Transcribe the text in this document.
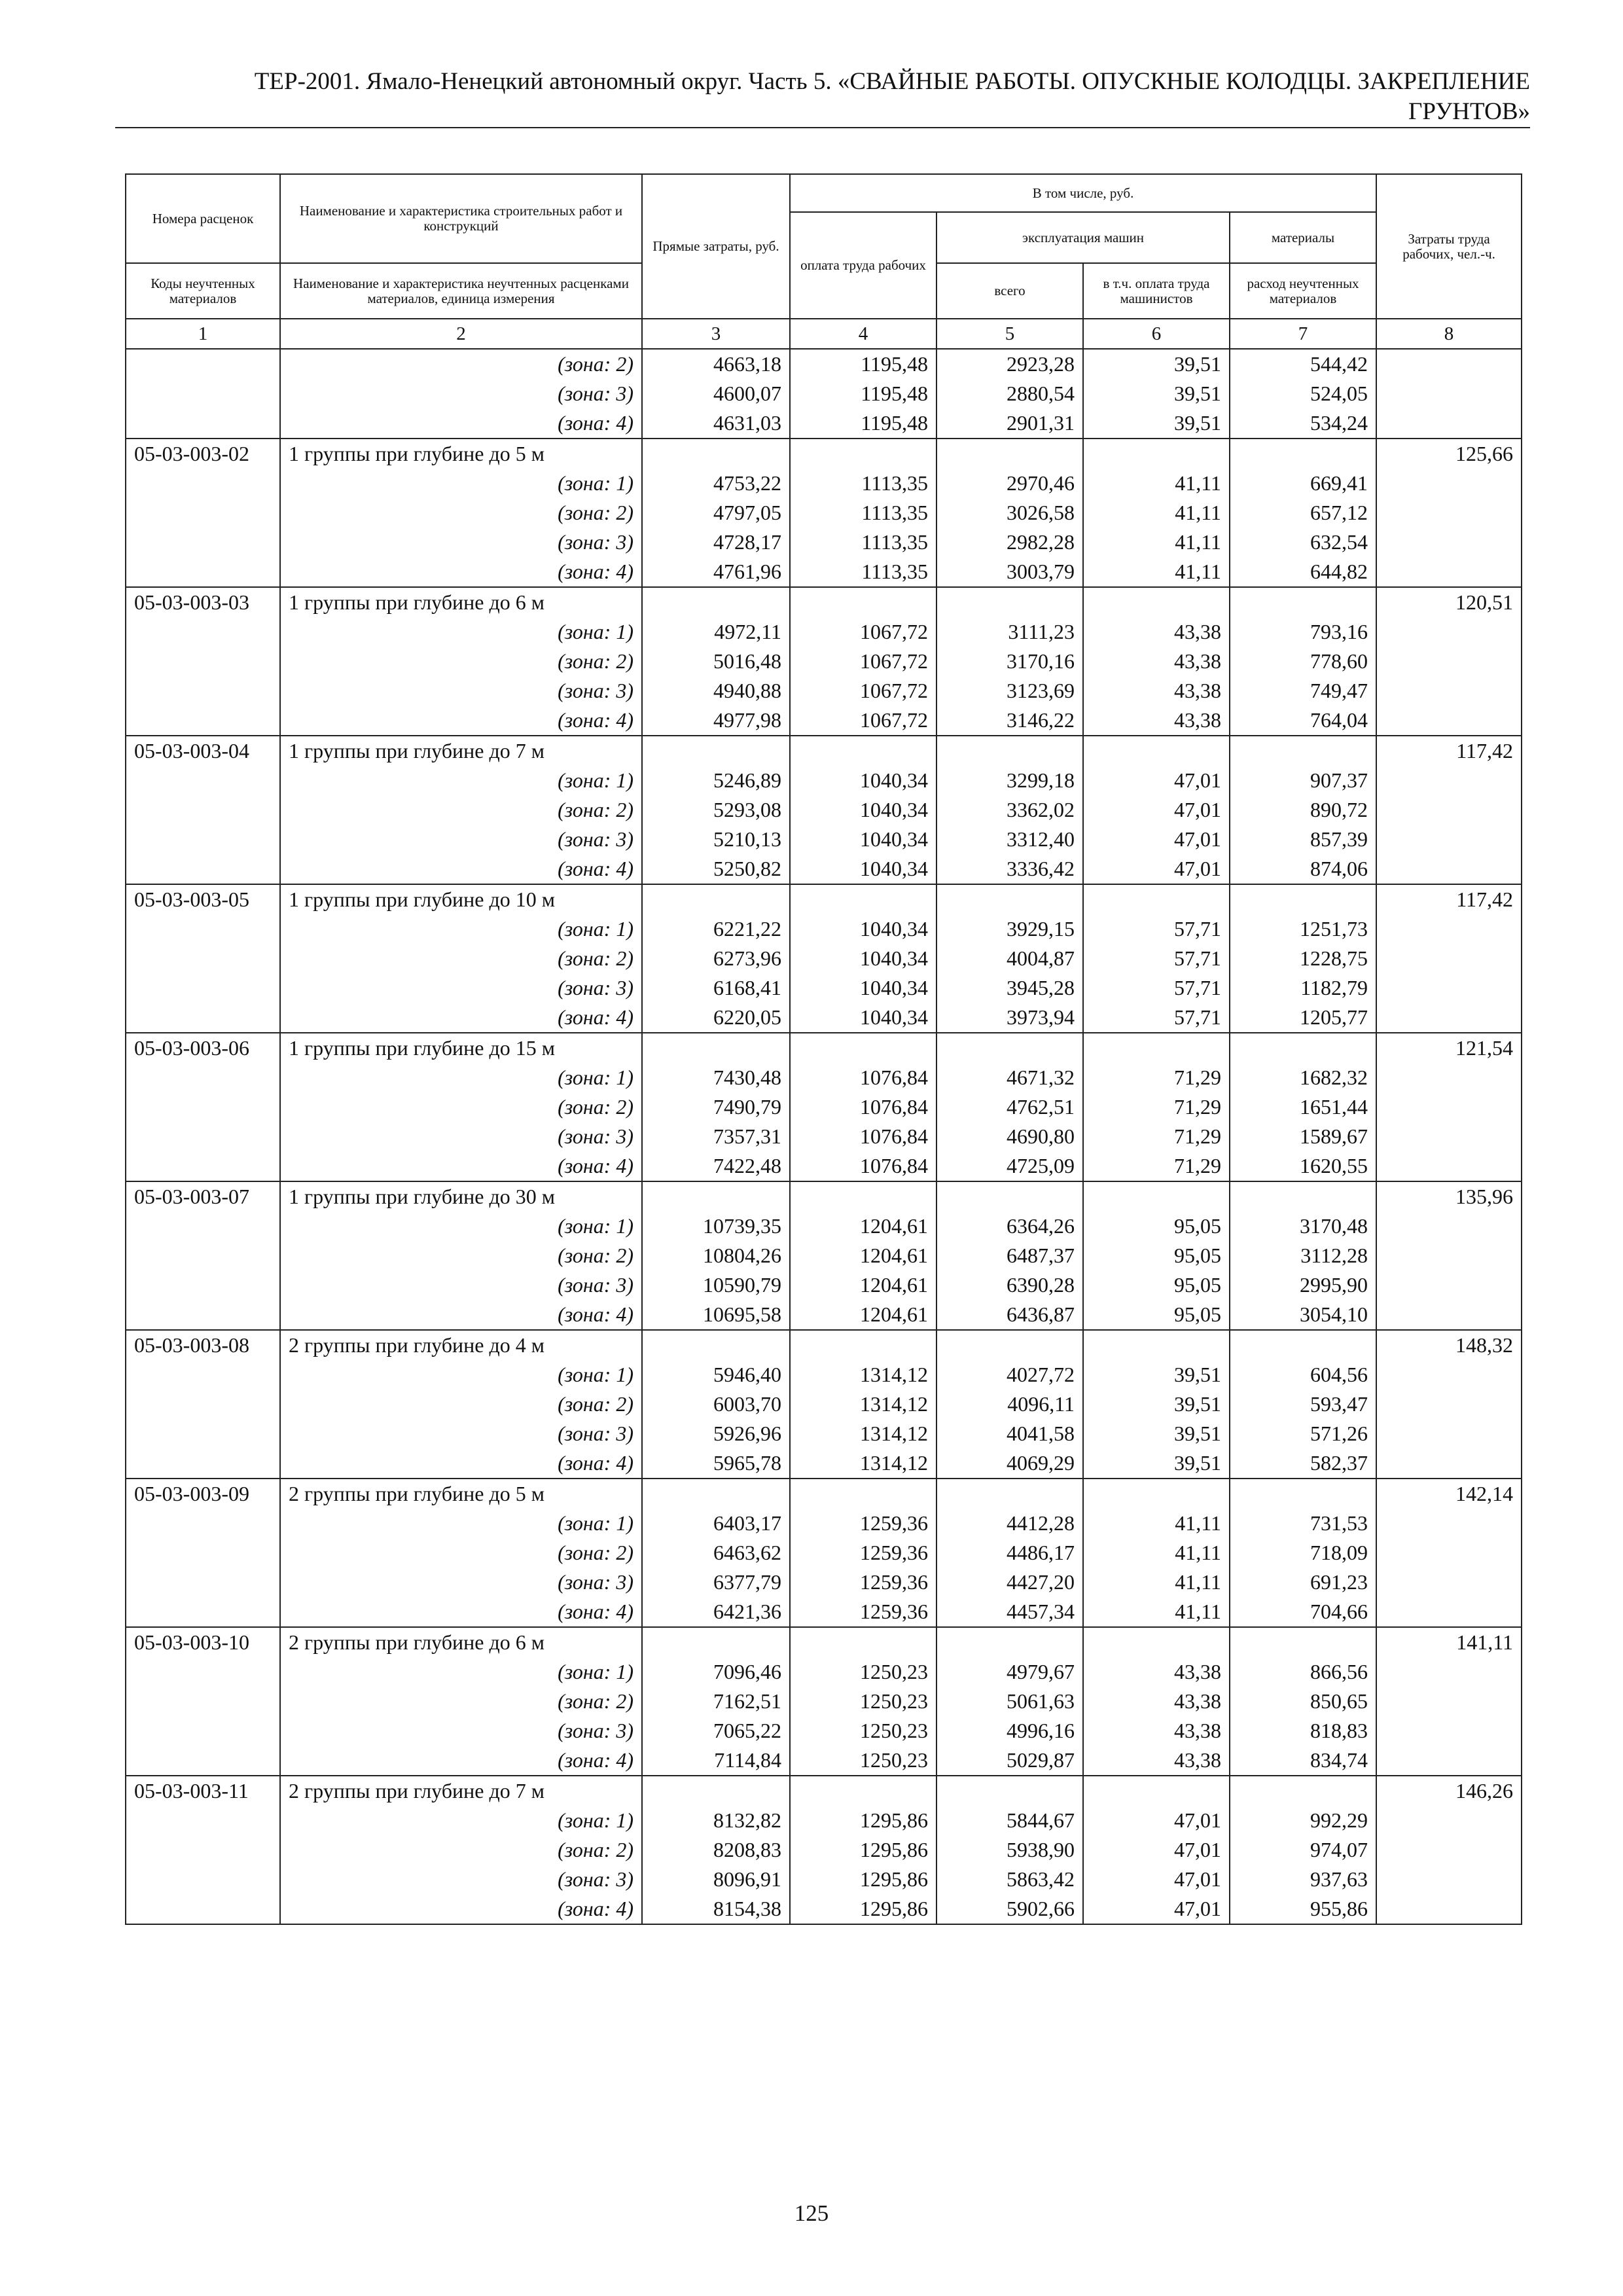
ТЕР-2001. Ямало-Ненецкий автономный округ. Часть 5. «СВАЙНЫЕ РАБОТЫ. ОПУСКНЫЕ КОЛОДЦЫ. ЗАКРЕПЛЕНИЕ
ГРУНТОВ»
Номера расценок	Наименование и характеристика строительных работ и конструкций	Прямые затраты, руб.	В том числе, руб.				Затраты труда рабочих, чел.-ч.
			оплата труда рабочих	эксплуатация машин		материалы	
Коды неучтенных материалов	Наименование и характеристика неучтенных расценками материалов, единица измерения			всего	в т.ч. оплата труда машинистов	расход неучтенных материалов	
1	2	3	4	5	6	7	8
	(зона: 2)	4663,18	1195,48	2923,28	39,51	544,42	
	(зона: 3)	4600,07	1195,48	2880,54	39,51	524,05	
	(зона: 4)	4631,03	1195,48	2901,31	39,51	534,24	
05-03-003-02	1 группы при глубине до 5 м						125,66
	(зона: 1)	4753,22	1113,35	2970,46	41,11	669,41	
	(зона: 2)	4797,05	1113,35	3026,58	41,11	657,12	
	(зона: 3)	4728,17	1113,35	2982,28	41,11	632,54	
	(зона: 4)	4761,96	1113,35	3003,79	41,11	644,82	
05-03-003-03	1 группы при глубине до 6 м						120,51
	(зона: 1)	4972,11	1067,72	3111,23	43,38	793,16	
	(зона: 2)	5016,48	1067,72	3170,16	43,38	778,60	
	(зона: 3)	4940,88	1067,72	3123,69	43,38	749,47	
	(зона: 4)	4977,98	1067,72	3146,22	43,38	764,04	
05-03-003-04	1 группы при глубине до 7 м						117,42
	(зона: 1)	5246,89	1040,34	3299,18	47,01	907,37	
	(зона: 2)	5293,08	1040,34	3362,02	47,01	890,72	
	(зона: 3)	5210,13	1040,34	3312,40	47,01	857,39	
	(зона: 4)	5250,82	1040,34	3336,42	47,01	874,06	
05-03-003-05	1 группы при глубине до 10 м						117,42
	(зона: 1)	6221,22	1040,34	3929,15	57,71	1251,73	
	(зона: 2)	6273,96	1040,34	4004,87	57,71	1228,75	
	(зона: 3)	6168,41	1040,34	3945,28	57,71	1182,79	
	(зона: 4)	6220,05	1040,34	3973,94	57,71	1205,77	
05-03-003-06	1 группы при глубине до 15 м						121,54
	(зона: 1)	7430,48	1076,84	4671,32	71,29	1682,32	
	(зона: 2)	7490,79	1076,84	4762,51	71,29	1651,44	
	(зона: 3)	7357,31	1076,84	4690,80	71,29	1589,67	
	(зона: 4)	7422,48	1076,84	4725,09	71,29	1620,55	
05-03-003-07	1 группы при глубине до 30 м						135,96
	(зона: 1)	10739,35	1204,61	6364,26	95,05	3170,48	
	(зона: 2)	10804,26	1204,61	6487,37	95,05	3112,28	
	(зона: 3)	10590,79	1204,61	6390,28	95,05	2995,90	
	(зона: 4)	10695,58	1204,61	6436,87	95,05	3054,10	
05-03-003-08	2 группы при глубине до 4 м						148,32
	(зона: 1)	5946,40	1314,12	4027,72	39,51	604,56	
	(зона: 2)	6003,70	1314,12	4096,11	39,51	593,47	
	(зона: 3)	5926,96	1314,12	4041,58	39,51	571,26	
	(зона: 4)	5965,78	1314,12	4069,29	39,51	582,37	
05-03-003-09	2 группы при глубине до 5 м						142,14
	(зона: 1)	6403,17	1259,36	4412,28	41,11	731,53	
	(зона: 2)	6463,62	1259,36	4486,17	41,11	718,09	
	(зона: 3)	6377,79	1259,36	4427,20	41,11	691,23	
	(зона: 4)	6421,36	1259,36	4457,34	41,11	704,66	
05-03-003-10	2 группы при глубине до 6 м						141,11
	(зона: 1)	7096,46	1250,23	4979,67	43,38	866,56	
	(зона: 2)	7162,51	1250,23	5061,63	43,38	850,65	
	(зона: 3)	7065,22	1250,23	4996,16	43,38	818,83	
	(зона: 4)	7114,84	1250,23	5029,87	43,38	834,74	
05-03-003-11	2 группы при глубине до 7 м						146,26
	(зона: 1)	8132,82	1295,86	5844,67	47,01	992,29	
	(зона: 2)	8208,83	1295,86	5938,90	47,01	974,07	
	(зона: 3)	8096,91	1295,86	5863,42	47,01	937,63	
	(зона: 4)	8154,38	1295,86	5902,66	47,01	955,86	
125
